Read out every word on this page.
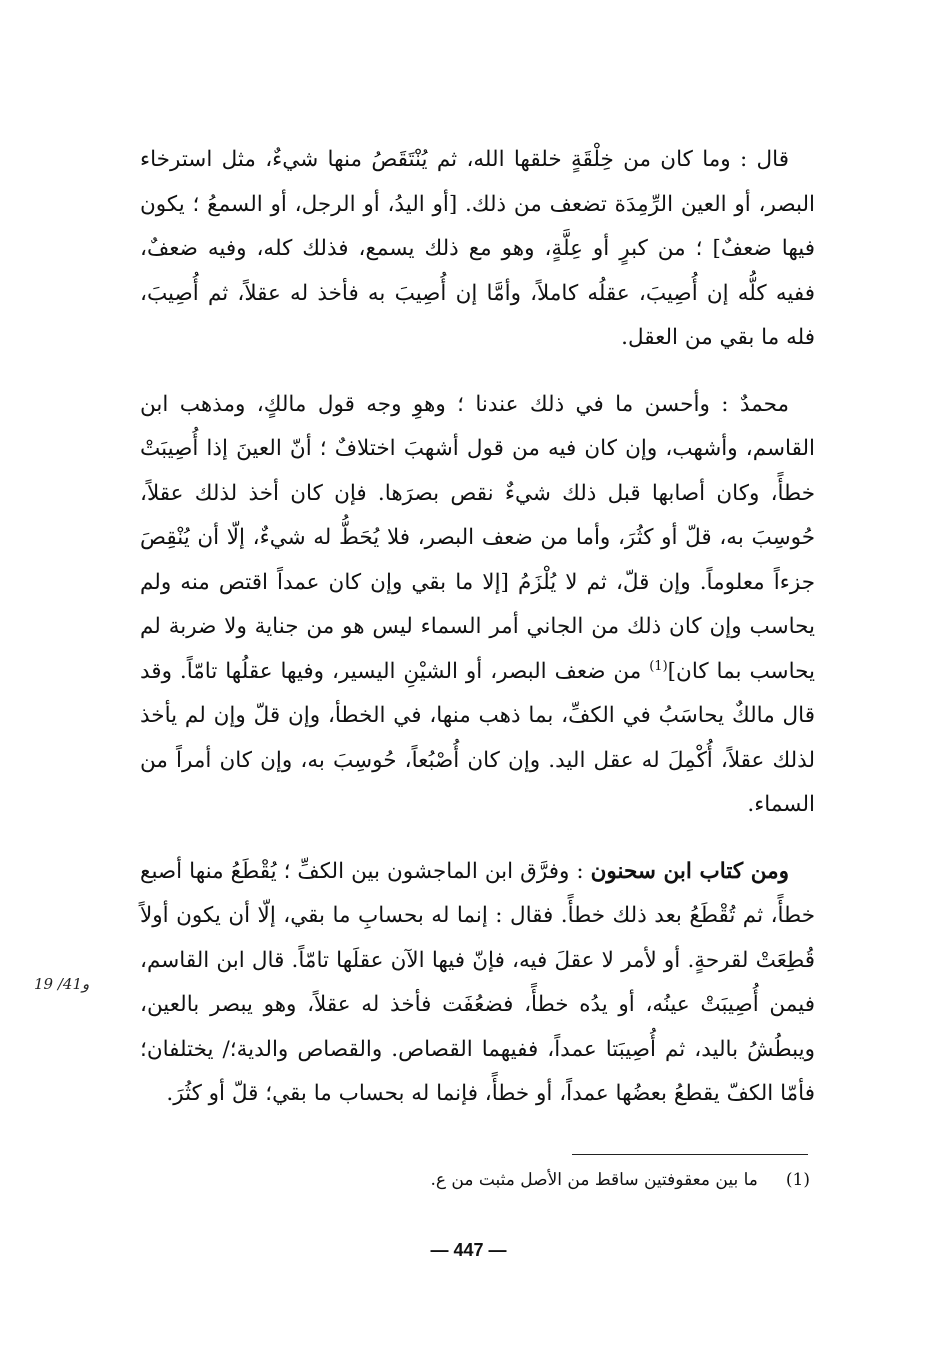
قال : وما كان من خِلْقَةٍ خلقها الله، ثم يُنْتَقَصُ منها شيءٌ، مثل استرخاء البصر، أو العين الرِّمِدَة تضعف من ذلك. [أو اليدُ، أو الرجل، أو السمعُ ؛ يكون فيها ضعفٌ] ؛ من كبرٍ أو عِلَّةٍ، وهو مع ذلك يسمع، فذلك كله، وفيه ضعفٌ، ففيه كلُّه إن أُصِيبَ، عقلُه كاملاً، وأمَّا إن أُصِيبَ به فأخذ له عقلاً، ثم أُصِيبَ، فله ما بقي من العقل.

محمدٌ : وأحسن ما في ذلك عندنا ؛ وهوِ وجه قول مالكٍ، ومذهب ابن القاسم، وأشهب، وإن كان فيه من قول أشهبَ اختلافٌ ؛ أنّ العينَ إذا أُصِيبَتْ خطأً، وكان أصابها قبل ذلك شيءٌ نقص بصرَها. فإن كان أخذ لذلك عقلاً، حُوسِبَ به، قلّ أو كثُرَ، وأما من ضعف البصر، فلا يُحَطُّ له شيءٌ، إلّا أن يُنْقِصَ جزءاً معلوماً. وإن قلّ، ثم لا يُلْزَمُ [إلا ما بقي وإن كان عمداً اقتص منه ولم يحاسب وإن كان ذلك من الجاني أمر السماء ليس هو من جناية ولا ضربة لم يحاسب بما كان]$^{(1)}$ من ضعف البصر، أو الشيْنِ اليسير، وفيها عقلُها تامّاً. وقد قال مالكٌ يحاسَبُ في الكفِّ، بما ذهب منها، في الخطأ، وإن قلّ وإن لم يأخذ لذلك عقلاً، أُكْمِلَ له عقل اليد. وإن كان أُصْبُعاً، حُوسِبَ به، وإن كان أمراً من السماء.

ومن كتاب ابن سحنون : وفرَّق ابن الماجشون بين الكفِّ ؛ يُقْطَعُ منها أصبع خطأً، ثم تُقْطَعُ بعد ذلك خطأً. فقال : إنما له بحسابِ ما بقي، إلّا أن يكون أولاً قُطِعَتْ لقرحةٍ. أو لأمر لا عقلَ فيه، فإنّ فيها الآن عقلَها تامّاً. قال ابن القاسم، فيمن أُصِيبَتْ عينُه، أو يدُه خطأً، فضعُفَت فأخذ له عقلاً، وهو يبصر بالعين، ويبطُشُ باليد، ثم أُصِيبَتا عمداً، ففيهما القصاص. والقصاص والدية؛/ يختلفان؛ فأمّا الكفّ يقطعُ بعضُها عمداً، أو خطأً، فإنما له بحساب ما بقي؛ قلّ أو كثُرَ.

19 /41و
(1)ما بين معقوفتين ساقط من الأصل مثبت من ع.
— 447 —
